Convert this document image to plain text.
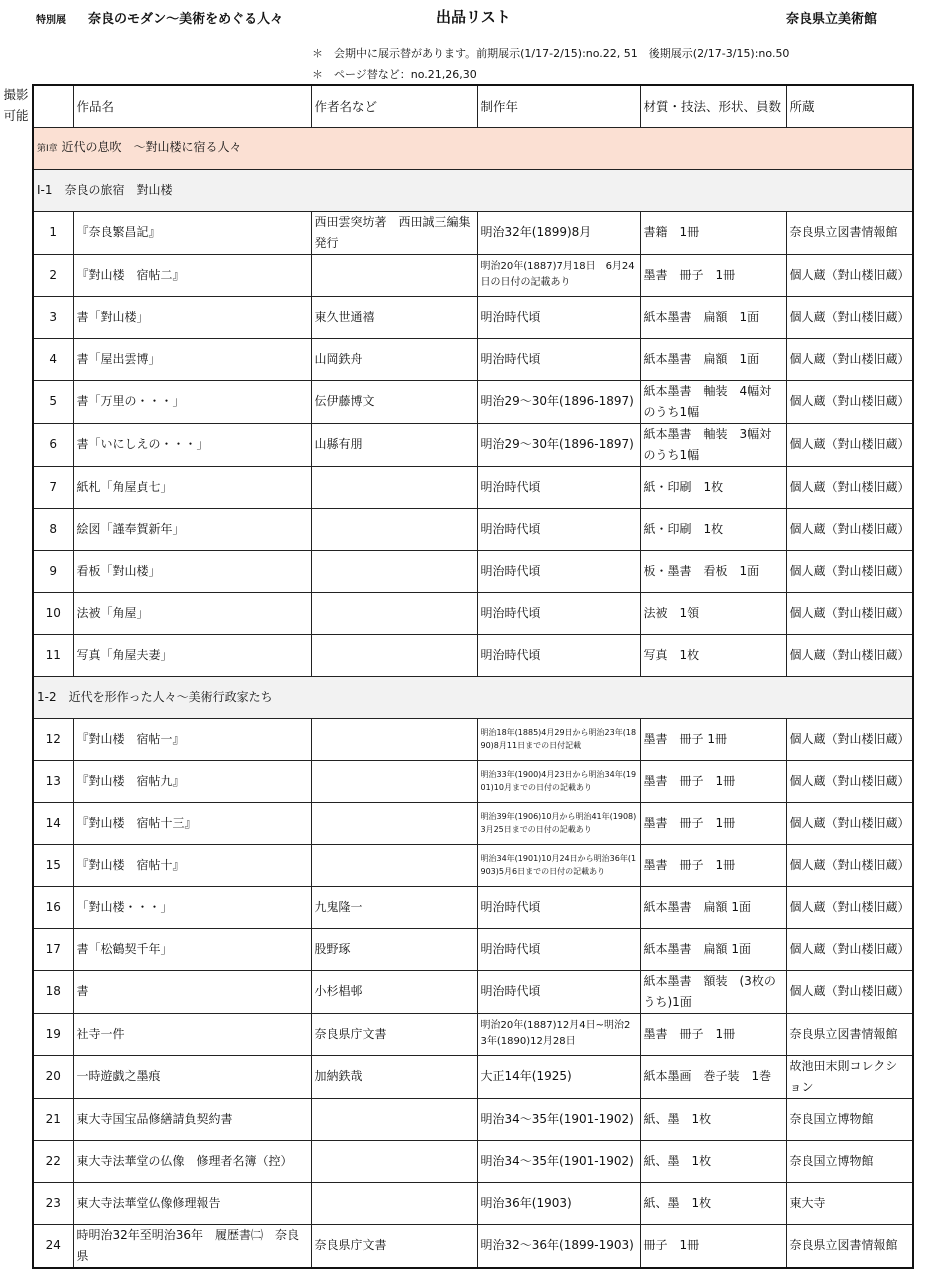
特別展 奈良のモダン〜美術をめぐる人々	出品リスト	奈良県立美術館
＊　会期中に展示替があります。前期展示(1/17-2/15):no.22, 51　後期展示(2/17-3/15):no.50
＊　ページ替など：no.21,26,30
撮影
可能
	作品名	作者名など	制作年	材質・技法、形状、員数	所蔵
第Ⅰ章 近代の息吹　〜對山楼に宿る人々					
Ⅰ-1　奈良の旅宿　對山楼					
1	『奈良繁昌記』	西田雲突坊著　西田誠三編集発行	明治32年(1899)8月	書籍　1冊	奈良県立図書情報館
2	『對山楼　宿帖二』		明治20年(1887)7月18日　6月24日の日付の記載あり	墨書　冊子　1冊	個人蔵（對山楼旧蔵）
3	書「對山楼」	東久世通禧	明治時代頃	紙本墨書　扁額　1面	個人蔵（對山楼旧蔵）
4	書「屋出雲博」	山岡鉄舟	明治時代頃	紙本墨書　扁額　1面	個人蔵（對山楼旧蔵）
5	書「万里の・・・」	伝伊藤博文	明治29〜30年(1896-1897)	紙本墨書　軸装　4幅対のうち1幅	個人蔵（對山楼旧蔵）
6	書「いにしえの・・・」	山縣有朋	明治29〜30年(1896-1897)	紙本墨書　軸装　3幅対のうち1幅	個人蔵（對山楼旧蔵）
7	紙札「角屋貞七」		明治時代頃	紙・印刷　1枚	個人蔵（對山楼旧蔵）
8	絵図「謹奉賀新年」		明治時代頃	紙・印刷　1枚	個人蔵（對山楼旧蔵）
9	看板「對山楼」		明治時代頃	板・墨書　看板　1面	個人蔵（對山楼旧蔵）
10	法被「角屋」		明治時代頃	法被　1領	個人蔵（對山楼旧蔵）
11	写真「角屋夫妻」		明治時代頃	写真　1枚	個人蔵（對山楼旧蔵）
1-2　近代を形作った人々〜美術行政家たち					
12	『對山楼　宿帖一』		明治18年(1885)4月29日から明治23年(1890)8月11日までの日付記載	墨書　冊子 1冊	個人蔵（對山楼旧蔵）
13	『對山楼　宿帖九』		明治33年(1900)4月23日から明治34年(1901)10月までの日付の記載あり	墨書　冊子　1冊	個人蔵（對山楼旧蔵）
14	『對山楼　宿帖十三』		明治39年(1906)10月から明治41年(1908)3月25日までの日付の記載あり	墨書　冊子　1冊	個人蔵（對山楼旧蔵）
15	『對山楼　宿帖十』		明治34年(1901)10月24日から明治36年(1903)5月6日までの日付の記載あり	墨書　冊子　1冊	個人蔵（對山楼旧蔵）
16	「對山楼・・・」	九鬼隆一	明治時代頃	紙本墨書　扁額 1面	個人蔵（對山楼旧蔵）
17	書「松鶴契千年」	股野琢	明治時代頃	紙本墨書　扁額 1面	個人蔵（對山楼旧蔵）
18	書	小杉椙邨	明治時代頃	紙本墨書　額装　(3枚のうち)1面	個人蔵（對山楼旧蔵）
19	社寺一件	奈良県庁文書	明治20年(1887)12月4日~明治23年(1890)12月28日	墨書　冊子　1冊	奈良県立図書情報館
20	一時遊戯之墨痕	加納鉄哉	大正14年(1925)	紙本墨画　巻子装　1巻	故池田末則コレクション
21	東大寺国宝品修繕請負契約書		明治34〜35年(1901-1902)	紙、墨　1枚	奈良国立博物館
22	東大寺法華堂の仏像　修理者名簿（控）		明治34〜35年(1901-1902)	紙、墨　1枚	奈良国立博物館
23	東大寺法華堂仏像修理報告		明治36年(1903)	紙、墨　1枚	東大寺
24	時明治32年至明治36年　履歴書㈡　奈良県	奈良県庁文書	明治32〜36年(1899-1903)	冊子　1冊	奈良県立図書情報館
